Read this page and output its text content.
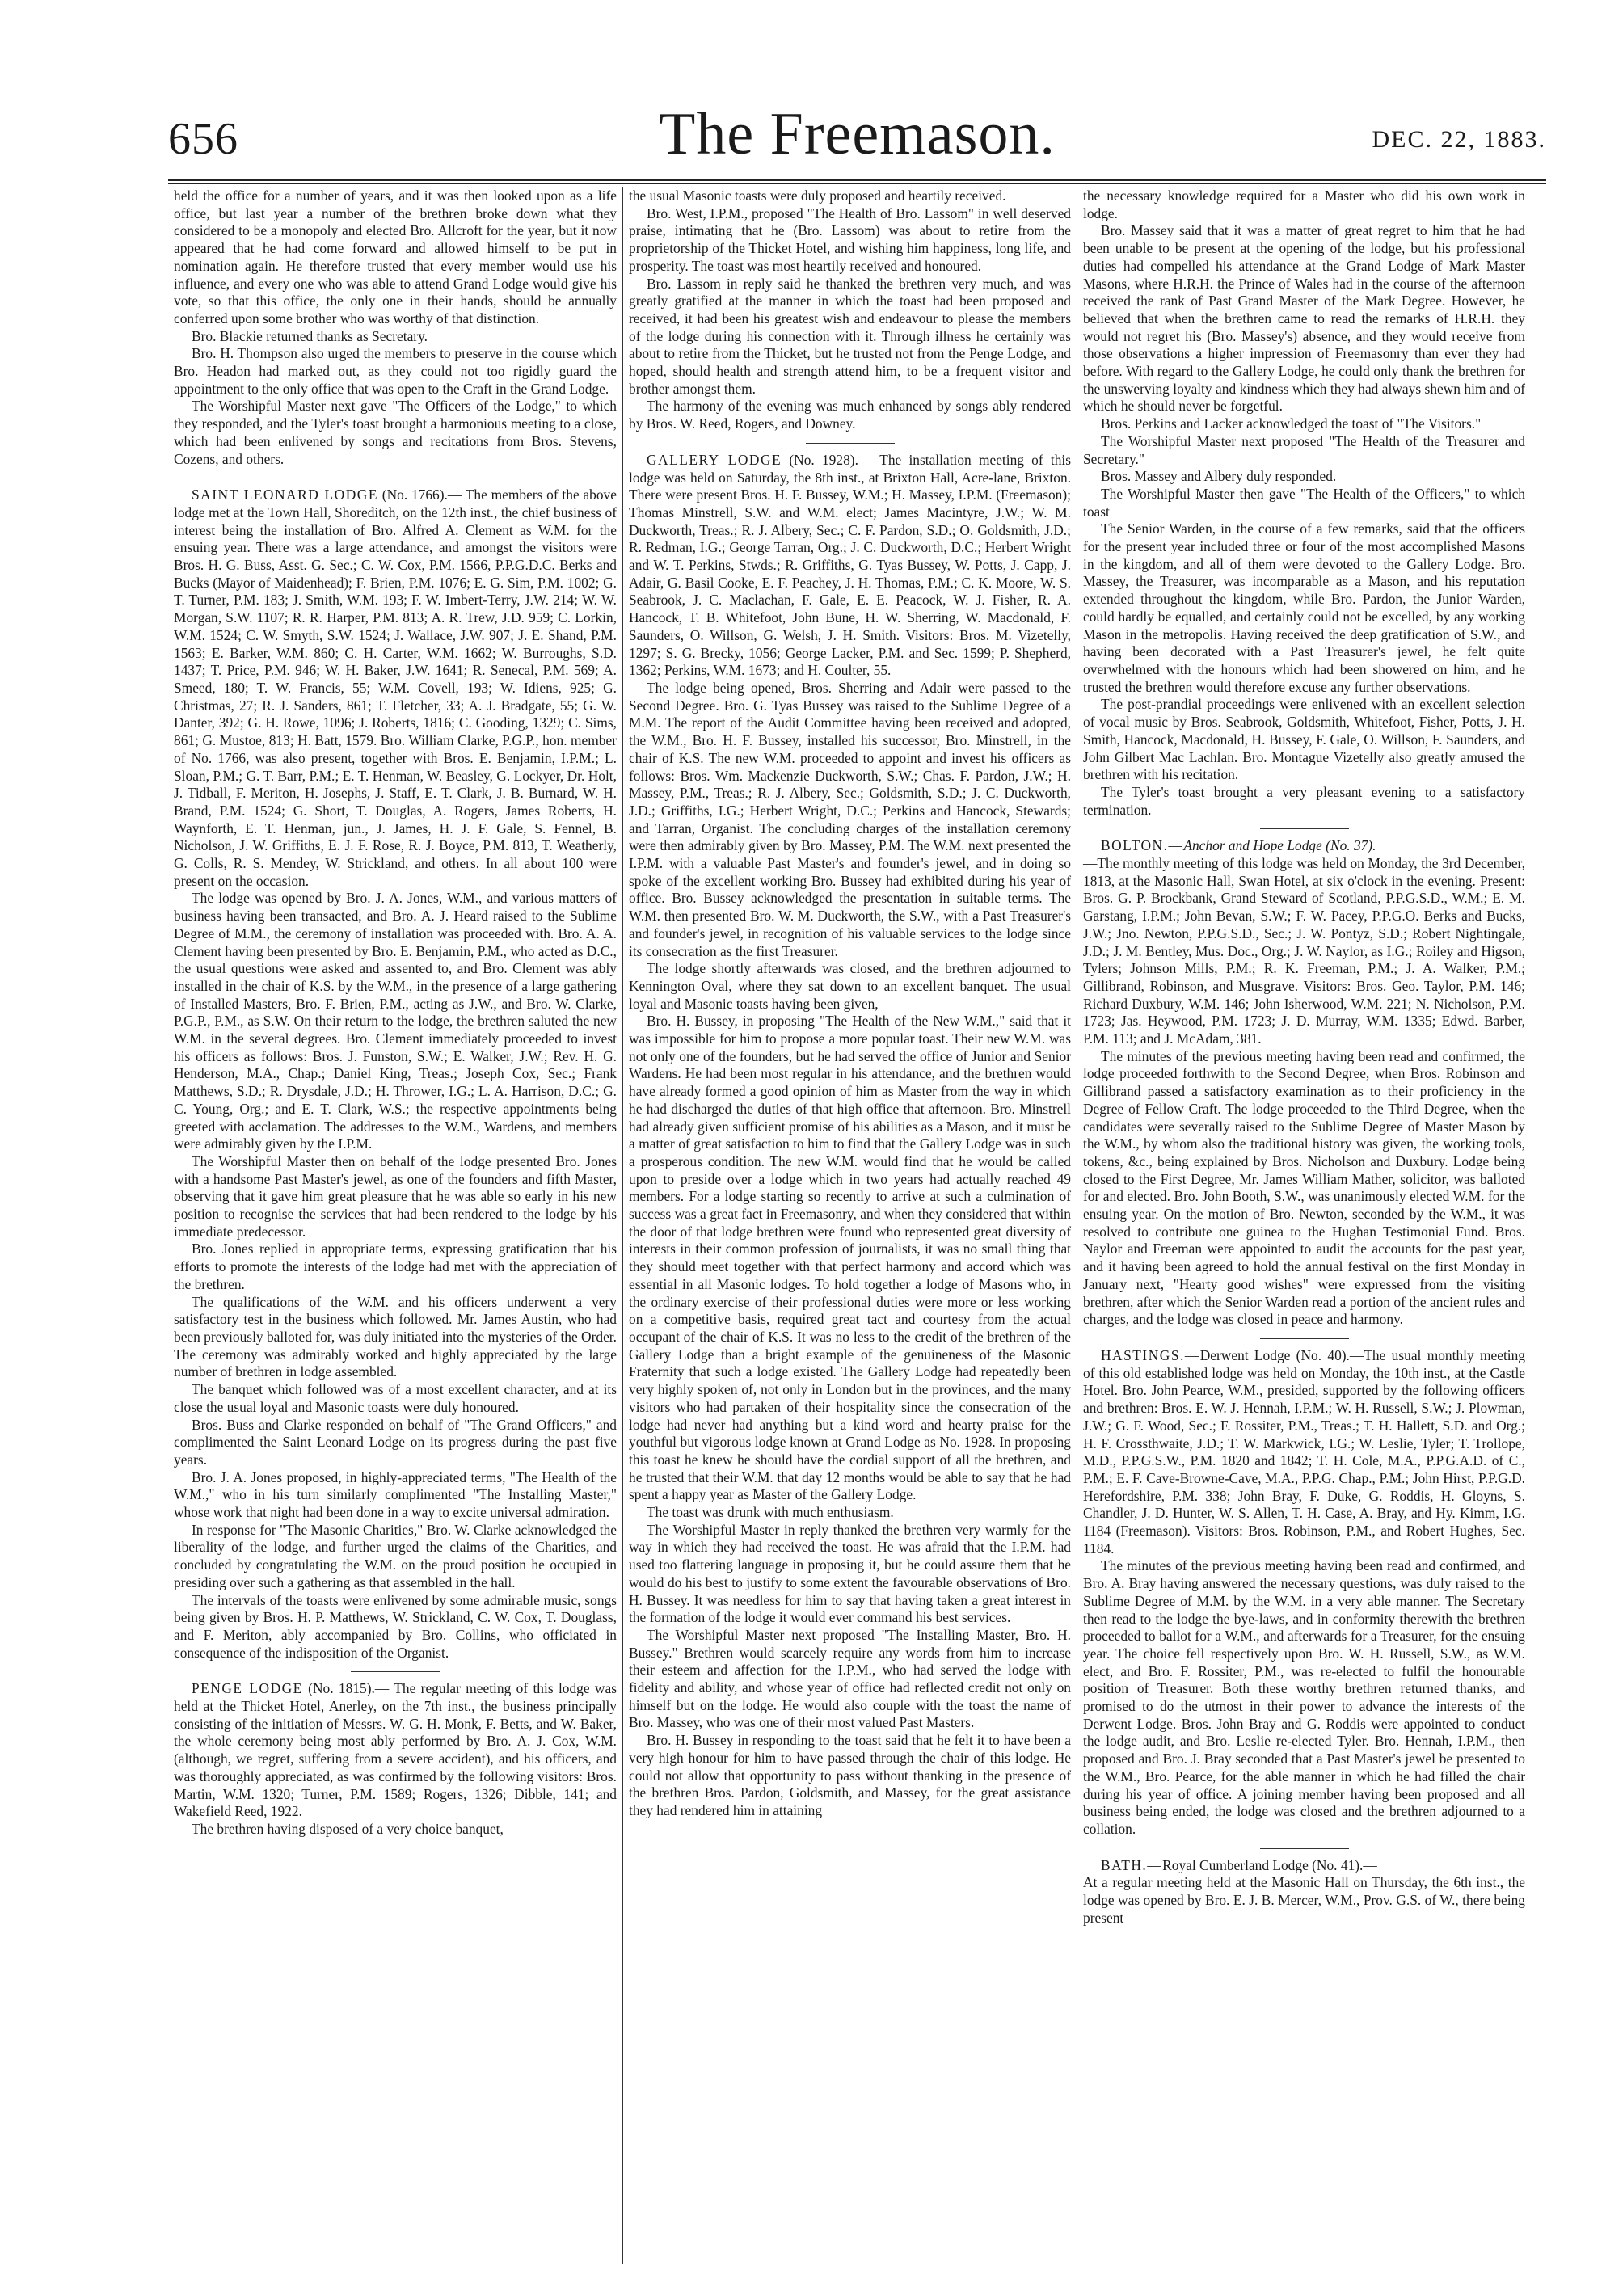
656	The Freemason.	DEC. 22, 1883.

held the office for a number of years, and it was then looked upon as a life office, but last year a number of the brethren broke down what they considered to be a monopoly and elected Bro. Allcroft for the year, but it now appeared that he had come forward and allowed himself to be put in nomination again. He therefore trusted that every member would use his influence, and every one who was able to attend Grand Lodge would give his vote, so that this office, the only one in their hands, should be annually conferred upon some brother who was worthy of that distinction.

Bro. Blackie returned thanks as Secretary.

Bro. H. Thompson also urged the members to preserve in the course which Bro. Headon had marked out, as they could not too rigidly guard the appointment to the only office that was open to the Craft in the Grand Lodge.

The Worshipful Master next gave "The Officers of the Lodge," to which they responded, and the Tyler's toast brought a harmonious meeting to a close, which had been enlivened by songs and recitations from Bros. Stevens, Cozens, and others.

SAINT LEONARD LODGE (No. 1766).— The members of the above lodge met at the Town Hall, Shoreditch, on the 12th inst., the chief business of interest being the installation of Bro. Alfred A. Clement as W.M. for the ensuing year. There was a large attendance, and amongst the visitors were Bros. H. G. Buss, Asst. G. Sec.; C. W. Cox, P.M. 1566, P.P.G.D.C. Berks and Bucks (Mayor of Maidenhead); F. Brien, P.M. 1076; E. G. Sim, P.M. 1002; G. T. Turner, P.M. 183; J. Smith, W.M. 193; F. W. Imbert-Terry, J.W. 214; W. W. Morgan, S.W. 1107; R. R. Harper, P.M. 813; A. R. Trew, J.D. 959; C. Lorkin, W.M. 1524; C. W. Smyth, S.W. 1524; J. Wallace, J.W. 907; J. E. Shand, P.M. 1563; E. Barker, W.M. 860; C. H. Carter, W.M. 1662; W. Burroughs, S.D. 1437; T. Price, P.M. 946; W. H. Baker, J.W. 1641; R. Senecal, P.M. 569; A. Smeed, 180; T. W. Francis, 55; W.M. Covell, 193; W. Idiens, 925; G. Christmas, 27; R. J. Sanders, 861; T. Fletcher, 33; A. J. Bradgate, 55; G. W. Danter, 392; G. H. Rowe, 1096; J. Roberts, 1816; C. Gooding, 1329; C. Sims, 861; G. Mustoe, 813; H. Batt, 1579. Bro. William Clarke, P.G.P., hon. member of No. 1766, was also present, together with Bros. E. Benjamin, I.P.M.; L. Sloan, P.M.; G. T. Barr, P.M.; E. T. Henman, W. Beasley, G. Lockyer, Dr. Holt, J. Tidball, F. Meriton, H. Josephs, J. Staff, E. T. Clark, J. B. Burnard, W. H. Brand, P.M. 1524; G. Short, T. Douglas, A. Rogers, James Roberts, H. Waynforth, E. T. Henman, jun., J. James, H. J. F. Gale, S. Fennel, B. Nicholson, J. W. Griffiths, E. J. F. Rose, R. J. Boyce, P.M. 813, T. Weatherly, G. Colls, R. S. Mendey, W. Strickland, and others. In all about 100 were present on the occasion.

The lodge was opened by Bro. J. A. Jones, W.M., and various matters of business having been transacted, and Bro. A. J. Heard raised to the Sublime Degree of M.M., the ceremony of installation was proceeded with. Bro. A. A. Clement having been presented by Bro. E. Benjamin, P.M., who acted as D.C., the usual questions were asked and assented to, and Bro. Clement was ably installed in the chair of K.S. by the W.M., in the presence of a large gathering of Installed Masters, Bro. F. Brien, P.M., acting as J.W., and Bro. W. Clarke, P.G.P., P.M., as S.W. On their return to the lodge, the brethren saluted the new W.M. in the several degrees. Bro. Clement immediately proceeded to invest his officers as follows: Bros. J. Funston, S.W.; E. Walker, J.W.; Rev. H. G. Henderson, M.A., Chap.; Daniel King, Treas.; Joseph Cox, Sec.; Frank Matthews, S.D.; R. Drysdale, J.D.; H. Thrower, I.G.; L. A. Harrison, D.C.; G. C. Young, Org.; and E. T. Clark, W.S.; the respective appointments being greeted with acclamation. The addresses to the W.M., Wardens, and members were admirably given by the I.P.M.

The Worshipful Master then on behalf of the lodge presented Bro. Jones with a handsome Past Master's jewel, as one of the founders and fifth Master, observing that it gave him great pleasure that he was able so early in his new position to recognise the services that had been rendered to the lodge by his immediate predecessor.

Bro. Jones replied in appropriate terms, expressing gratification that his efforts to promote the interests of the lodge had met with the appreciation of the brethren.

The qualifications of the W.M. and his officers underwent a very satisfactory test in the business which followed. Mr. James Austin, who had been previously balloted for, was duly initiated into the mysteries of the Order. The ceremony was admirably worked and highly appreciated by the large number of brethren in lodge assembled.

The banquet which followed was of a most excellent character, and at its close the usual loyal and Masonic toasts were duly honoured.

Bros. Buss and Clarke responded on behalf of "The Grand Officers," and complimented the Saint Leonard Lodge on its progress during the past five years.

Bro. J. A. Jones proposed, in highly-appreciated terms, "The Health of the W.M.," who in his turn similarly complimented "The Installing Master," whose work that night had been done in a way to excite universal admiration.

In response for "The Masonic Charities," Bro. W. Clarke acknowledged the liberality of the lodge, and further urged the claims of the Charities, and concluded by congratulating the W.M. on the proud position he occupied in presiding over such a gathering as that assembled in the hall.

The intervals of the toasts were enlivened by some admirable music, songs being given by Bros. H. P. Matthews, W. Strickland, C. W. Cox, T. Douglass, and F. Meriton, ably accompanied by Bro. Collins, who officiated in consequence of the indisposition of the Organist.

PENGE LODGE (No. 1815).— The regular meeting of this lodge was held at the Thicket Hotel, Anerley, on the 7th inst., the business principally consisting of the initiation of Messrs. W. G. H. Monk, F. Betts, and W. Baker, the whole ceremony being most ably performed by Bro. A. J. Cox, W.M. (although, we regret, suffering from a severe accident), and his officers, and was thoroughly appreciated, as was confirmed by the following visitors: Bros. Martin, W.M. 1320; Turner, P.M. 1589; Rogers, 1326; Dibble, 141; and Wakefield Reed, 1922.

The brethren having disposed of a very choice banquet,

the usual Masonic toasts were duly proposed and heartily received.

Bro. West, I.P.M., proposed "The Health of Bro. Lassom" in well deserved praise, intimating that he (Bro. Lassom) was about to retire from the proprietorship of the Thicket Hotel, and wishing him happiness, long life, and prosperity. The toast was most heartily received and honoured.

Bro. Lassom in reply said he thanked the brethren very much, and was greatly gratified at the manner in which the toast had been proposed and received, it had been his greatest wish and endeavour to please the members of the lodge during his connection with it. Through illness he certainly was about to retire from the Thicket, but he trusted not from the Penge Lodge, and hoped, should health and strength attend him, to be a frequent visitor and brother amongst them.

The harmony of the evening was much enhanced by songs ably rendered by Bros. W. Reed, Rogers, and Downey.

GALLERY LODGE (No. 1928).— The installation meeting of this lodge was held on Saturday, the 8th inst., at Brixton Hall, Acre-lane, Brixton. There were present Bros. H. F. Bussey, W.M.; H. Massey, I.P.M. (Freemason); Thomas Minstrell, S.W. and W.M. elect; James Macintyre, J.W.; W. M. Duckworth, Treas.; R. J. Albery, Sec.; C. F. Pardon, S.D.; O. Goldsmith, J.D.; R. Redman, I.G.; George Tarran, Org.; J. C. Duckworth, D.C.; Herbert Wright and W. T. Perkins, Stwds.; R. Griffiths, G. Tyas Bussey, W. Potts, J. Capp, J. Adair, G. Basil Cooke, E. F. Peachey, J. H. Thomas, P.M.; C. K. Moore, W. S. Seabrook, J. C. Maclachan, F. Gale, E. E. Peacock, W. J. Fisher, R. A. Hancock, T. B. Whitefoot, John Bune, H. W. Sherring, W. Macdonald, F. Saunders, O. Willson, G. Welsh, J. H. Smith. Visitors: Bros. M. Vizetelly, 1297; S. G. Brecky, 1056; George Lacker, P.M. and Sec. 1599; P. Shepherd, 1362; Perkins, W.M. 1673; and H. Coulter, 55.

The lodge being opened, Bros. Sherring and Adair were passed to the Second Degree. Bro. G. Tyas Bussey was raised to the Sublime Degree of a M.M. The report of the Audit Committee having been received and adopted, the W.M., Bro. H. F. Bussey, installed his successor, Bro. Minstrell, in the chair of K.S. The new W.M. proceeded to appoint and invest his officers as follows: Bros. Wm. Mackenzie Duckworth, S.W.; Chas. F. Pardon, J.W.; H. Massey, P.M., Treas.; R. J. Albery, Sec.; Goldsmith, S.D.; J. C. Duckworth, J.D.; Griffiths, I.G.; Herbert Wright, D.C.; Perkins and Hancock, Stewards; and Tarran, Organist. The concluding charges of the installation ceremony were then admirably given by Bro. Massey, P.M. The W.M. next presented the I.P.M. with a valuable Past Master's and founder's jewel, and in doing so spoke of the excellent working Bro. Bussey had exhibited during his year of office. Bro. Bussey acknowledged the presentation in suitable terms. The W.M. then presented Bro. W. M. Duckworth, the S.W., with a Past Treasurer's and founder's jewel, in recognition of his valuable services to the lodge since its consecration as the first Treasurer.

The lodge shortly afterwards was closed, and the brethren adjourned to Kennington Oval, where they sat down to an excellent banquet. The usual loyal and Masonic toasts having been given,

Bro. H. Bussey, in proposing "The Health of the New W.M.," said that it was impossible for him to propose a more popular toast. Their new W.M. was not only one of the founders, but he had served the office of Junior and Senior Wardens. He had been most regular in his attendance, and the brethren would have already formed a good opinion of him as Master from the way in which he had discharged the duties of that high office that afternoon. Bro. Minstrell had already given sufficient promise of his abilities as a Mason, and it must be a matter of great satisfaction to him to find that the Gallery Lodge was in such a prosperous condition. The new W.M. would find that he would be called upon to preside over a lodge which in two years had actually reached 49 members. For a lodge starting so recently to arrive at such a culmination of success was a great fact in Freemasonry, and when they considered that within the door of that lodge brethren were found who represented great diversity of interests in their common profession of journalists, it was no small thing that they should meet together with that perfect harmony and accord which was essential in all Masonic lodges. To hold together a lodge of Masons who, in the ordinary exercise of their professional duties were more or less working on a competitive basis, required great tact and courtesy from the actual occupant of the chair of K.S. It was no less to the credit of the brethren of the Gallery Lodge than a bright example of the genuineness of the Masonic Fraternity that such a lodge existed. The Gallery Lodge had repeatedly been very highly spoken of, not only in London but in the provinces, and the many visitors who had partaken of their hospitality since the consecration of the lodge had never had anything but a kind word and hearty praise for the youthful but vigorous lodge known at Grand Lodge as No. 1928. In proposing this toast he knew he should have the cordial support of all the brethren, and he trusted that their W.M. that day 12 months would be able to say that he had spent a happy year as Master of the Gallery Lodge.

The toast was drunk with much enthusiasm.

The Worshipful Master in reply thanked the brethren very warmly for the way in which they had received the toast. He was afraid that the I.P.M. had used too flattering language in proposing it, but he could assure them that he would do his best to justify to some extent the favourable observations of Bro. H. Bussey. It was needless for him to say that having taken a great interest in the formation of the lodge it would ever command his best services.

The Worshipful Master next proposed "The Installing Master, Bro. H. Bussey." Brethren would scarcely require any words from him to increase their esteem and affection for the I.P.M., who had served the lodge with fidelity and ability, and whose year of office had reflected credit not only on himself but on the lodge. He would also couple with the toast the name of Bro. Massey, who was one of their most valued Past Masters.

Bro. H. Bussey in responding to the toast said that he felt it to have been a very high honour for him to have passed through the chair of this lodge. He could not allow that opportunity to pass without thanking in the presence of the brethren Bros. Pardon, Goldsmith, and Massey, for the great assistance they had rendered him in attaining

the necessary knowledge required for a Master who did his own work in lodge.

Bro. Massey said that it was a matter of great regret to him that he had been unable to be present at the opening of the lodge, but his professional duties had compelled his attendance at the Grand Lodge of Mark Master Masons, where H.R.H. the Prince of Wales had in the course of the afternoon received the rank of Past Grand Master of the Mark Degree. However, he believed that when the brethren came to read the remarks of H.R.H. they would not regret his (Bro. Massey's) absence, and they would receive from those observations a higher impression of Freemasonry than ever they had before. With regard to the Gallery Lodge, he could only thank the brethren for the unswerving loyalty and kindness which they had always shewn him and of which he should never be forgetful.

Bros. Perkins and Lacker acknowledged the toast of "The Visitors."

The Worshipful Master next proposed "The Health of the Treasurer and Secretary."

Bros. Massey and Albery duly responded.

The Worshipful Master then gave "The Health of the Officers," to which toast

The Senior Warden, in the course of a few remarks, said that the officers for the present year included three or four of the most accomplished Masons in the kingdom, and all of them were devoted to the Gallery Lodge. Bro. Massey, the Treasurer, was incomparable as a Mason, and his reputation extended throughout the kingdom, while Bro. Pardon, the Junior Warden, could hardly be equalled, and certainly could not be excelled, by any working Mason in the metropolis. Having received the deep gratification of S.W., and having been decorated with a Past Treasurer's jewel, he felt quite overwhelmed with the honours which had been showered on him, and he trusted the brethren would therefore excuse any further observations.

The post-prandial proceedings were enlivened with an excellent selection of vocal music by Bros. Seabrook, Goldsmith, Whitefoot, Fisher, Potts, J. H. Smith, Hancock, Macdonald, H. Bussey, F. Gale, O. Willson, F. Saunders, and John Gilbert Mac Lachlan. Bro. Montague Vizetelly also greatly amused the brethren with his recitation.

The Tyler's toast brought a very pleasant evening to a satisfactory termination.

BOLTON.—Anchor and Hope Lodge (No. 37).

—The monthly meeting of this lodge was held on Monday, the 3rd December, 1813, at the Masonic Hall, Swan Hotel, at six o'clock in the evening. Present: Bros. G. P. Brockbank, Grand Steward of Scotland, P.P.G.S.D., W.M.; E. M. Garstang, I.P.M.; John Bevan, S.W.; F. W. Pacey, P.P.G.O. Berks and Bucks, J.W.; Jno. Newton, P.P.G.S.D., Sec.; J. W. Pontyz, S.D.; Robert Nightingale, J.D.; J. M. Bentley, Mus. Doc., Org.; J. W. Naylor, as I.G.; Roiley and Higson, Tylers; Johnson Mills, P.M.; R. K. Freeman, P.M.; J. A. Walker, P.M.; Gillibrand, Robinson, and Musgrave. Visitors: Bros. Geo. Taylor, P.M. 146; Richard Duxbury, W.M. 146; John Isherwood, W.M. 221; N. Nicholson, P.M. 1723; Jas. Heywood, P.M. 1723; J. D. Murray, W.M. 1335; Edwd. Barber, P.M. 113; and J. McAdam, 381.

The minutes of the previous meeting having been read and confirmed, the lodge proceeded forthwith to the Second Degree, when Bros. Robinson and Gillibrand passed a satisfactory examination as to their proficiency in the Degree of Fellow Craft. The lodge proceeded to the Third Degree, when the candidates were severally raised to the Sublime Degree of Master Mason by the W.M., by whom also the traditional history was given, the working tools, tokens, &c., being explained by Bros. Nicholson and Duxbury. Lodge being closed to the First Degree, Mr. James William Mather, solicitor, was balloted for and elected. Bro. John Booth, S.W., was unanimously elected W.M. for the ensuing year. On the motion of Bro. Newton, seconded by the W.M., it was resolved to contribute one guinea to the Hughan Testimonial Fund. Bros. Naylor and Freeman were appointed to audit the accounts for the past year, and it having been agreed to hold the annual festival on the first Monday in January next, "Hearty good wishes" were expressed from the visiting brethren, after which the Senior Warden read a portion of the ancient rules and charges, and the lodge was closed in peace and harmony.

HASTINGS.—Derwent Lodge (No. 40).—The usual monthly meeting of this old established lodge was held on Monday, the 10th inst., at the Castle Hotel. Bro. John Pearce, W.M., presided, supported by the following officers and brethren: Bros. E. W. J. Hennah, I.P.M.; W. H. Russell, S.W.; J. Plowman, J.W.; G. F. Wood, Sec.; F. Rossiter, P.M., Treas.; T. H. Hallett, S.D. and Org.; H. F. Crossthwaite, J.D.; T. W. Markwick, I.G.; W. Leslie, Tyler; T. Trollope, M.D., P.P.G.S.W., P.M. 1820 and 1842; T. H. Cole, M.A., P.P.G.A.D. of C., P.M.; E. F. Cave-Browne-Cave, M.A., P.P.G. Chap., P.M.; John Hirst, P.P.G.D. Herefordshire, P.M. 338; John Bray, F. Duke, G. Roddis, H. Gloyns, S. Chandler, J. D. Hunter, W. S. Allen, T. H. Case, A. Bray, and Hy. Kimm, I.G. 1184 (Freemason). Visitors: Bros. Robinson, P.M., and Robert Hughes, Sec. 1184.

The minutes of the previous meeting having been read and confirmed, and Bro. A. Bray having answered the necessary questions, was duly raised to the Sublime Degree of M.M. by the W.M. in a very able manner. The Secretary then read to the lodge the bye-laws, and in conformity therewith the brethren proceeded to ballot for a W.M., and afterwards for a Treasurer, for the ensuing year. The choice fell respectively upon Bro. W. H. Russell, S.W., as W.M. elect, and Bro. F. Rossiter, P.M., was re-elected to fulfil the honourable position of Treasurer. Both these worthy brethren returned thanks, and promised to do the utmost in their power to advance the interests of the Derwent Lodge. Bros. John Bray and G. Roddis were appointed to conduct the lodge audit, and Bro. Leslie re-elected Tyler. Bro. Hennah, I.P.M., then proposed and Bro. J. Bray seconded that a Past Master's jewel be presented to the W.M., Bro. Pearce, for the able manner in which he had filled the chair during his year of office. A joining member having been proposed and all business being ended, the lodge was closed and the brethren adjourned to a collation.

BATH.—Royal Cumberland Lodge (No. 41).—

At a regular meeting held at the Masonic Hall on Thursday, the 6th inst., the lodge was opened by Bro. E. J. B. Mercer, W.M., Prov. G.S. of W., there being present
